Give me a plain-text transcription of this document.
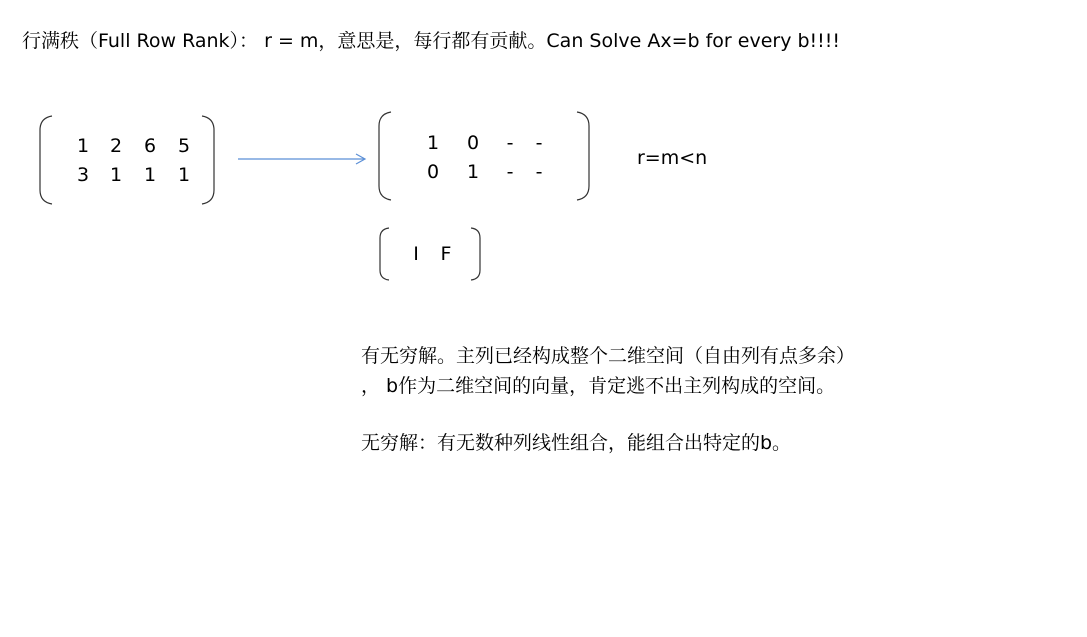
行满秩（Full Row Rank）： r = m，意思是，每行都有贡献。Can Solve Ax=b for every b!!!!
1	2	6	5
3	1	1	1
1	0	-	-
0	1	-	-
r=m<n
I	F
有无穷解。主列已经构成整个二维空间（自由列有点多余）
， b作为二维空间的向量，肯定逃不出主列构成的空间。
无穷解：有无数种列线性组合，能组合出特定的b。
